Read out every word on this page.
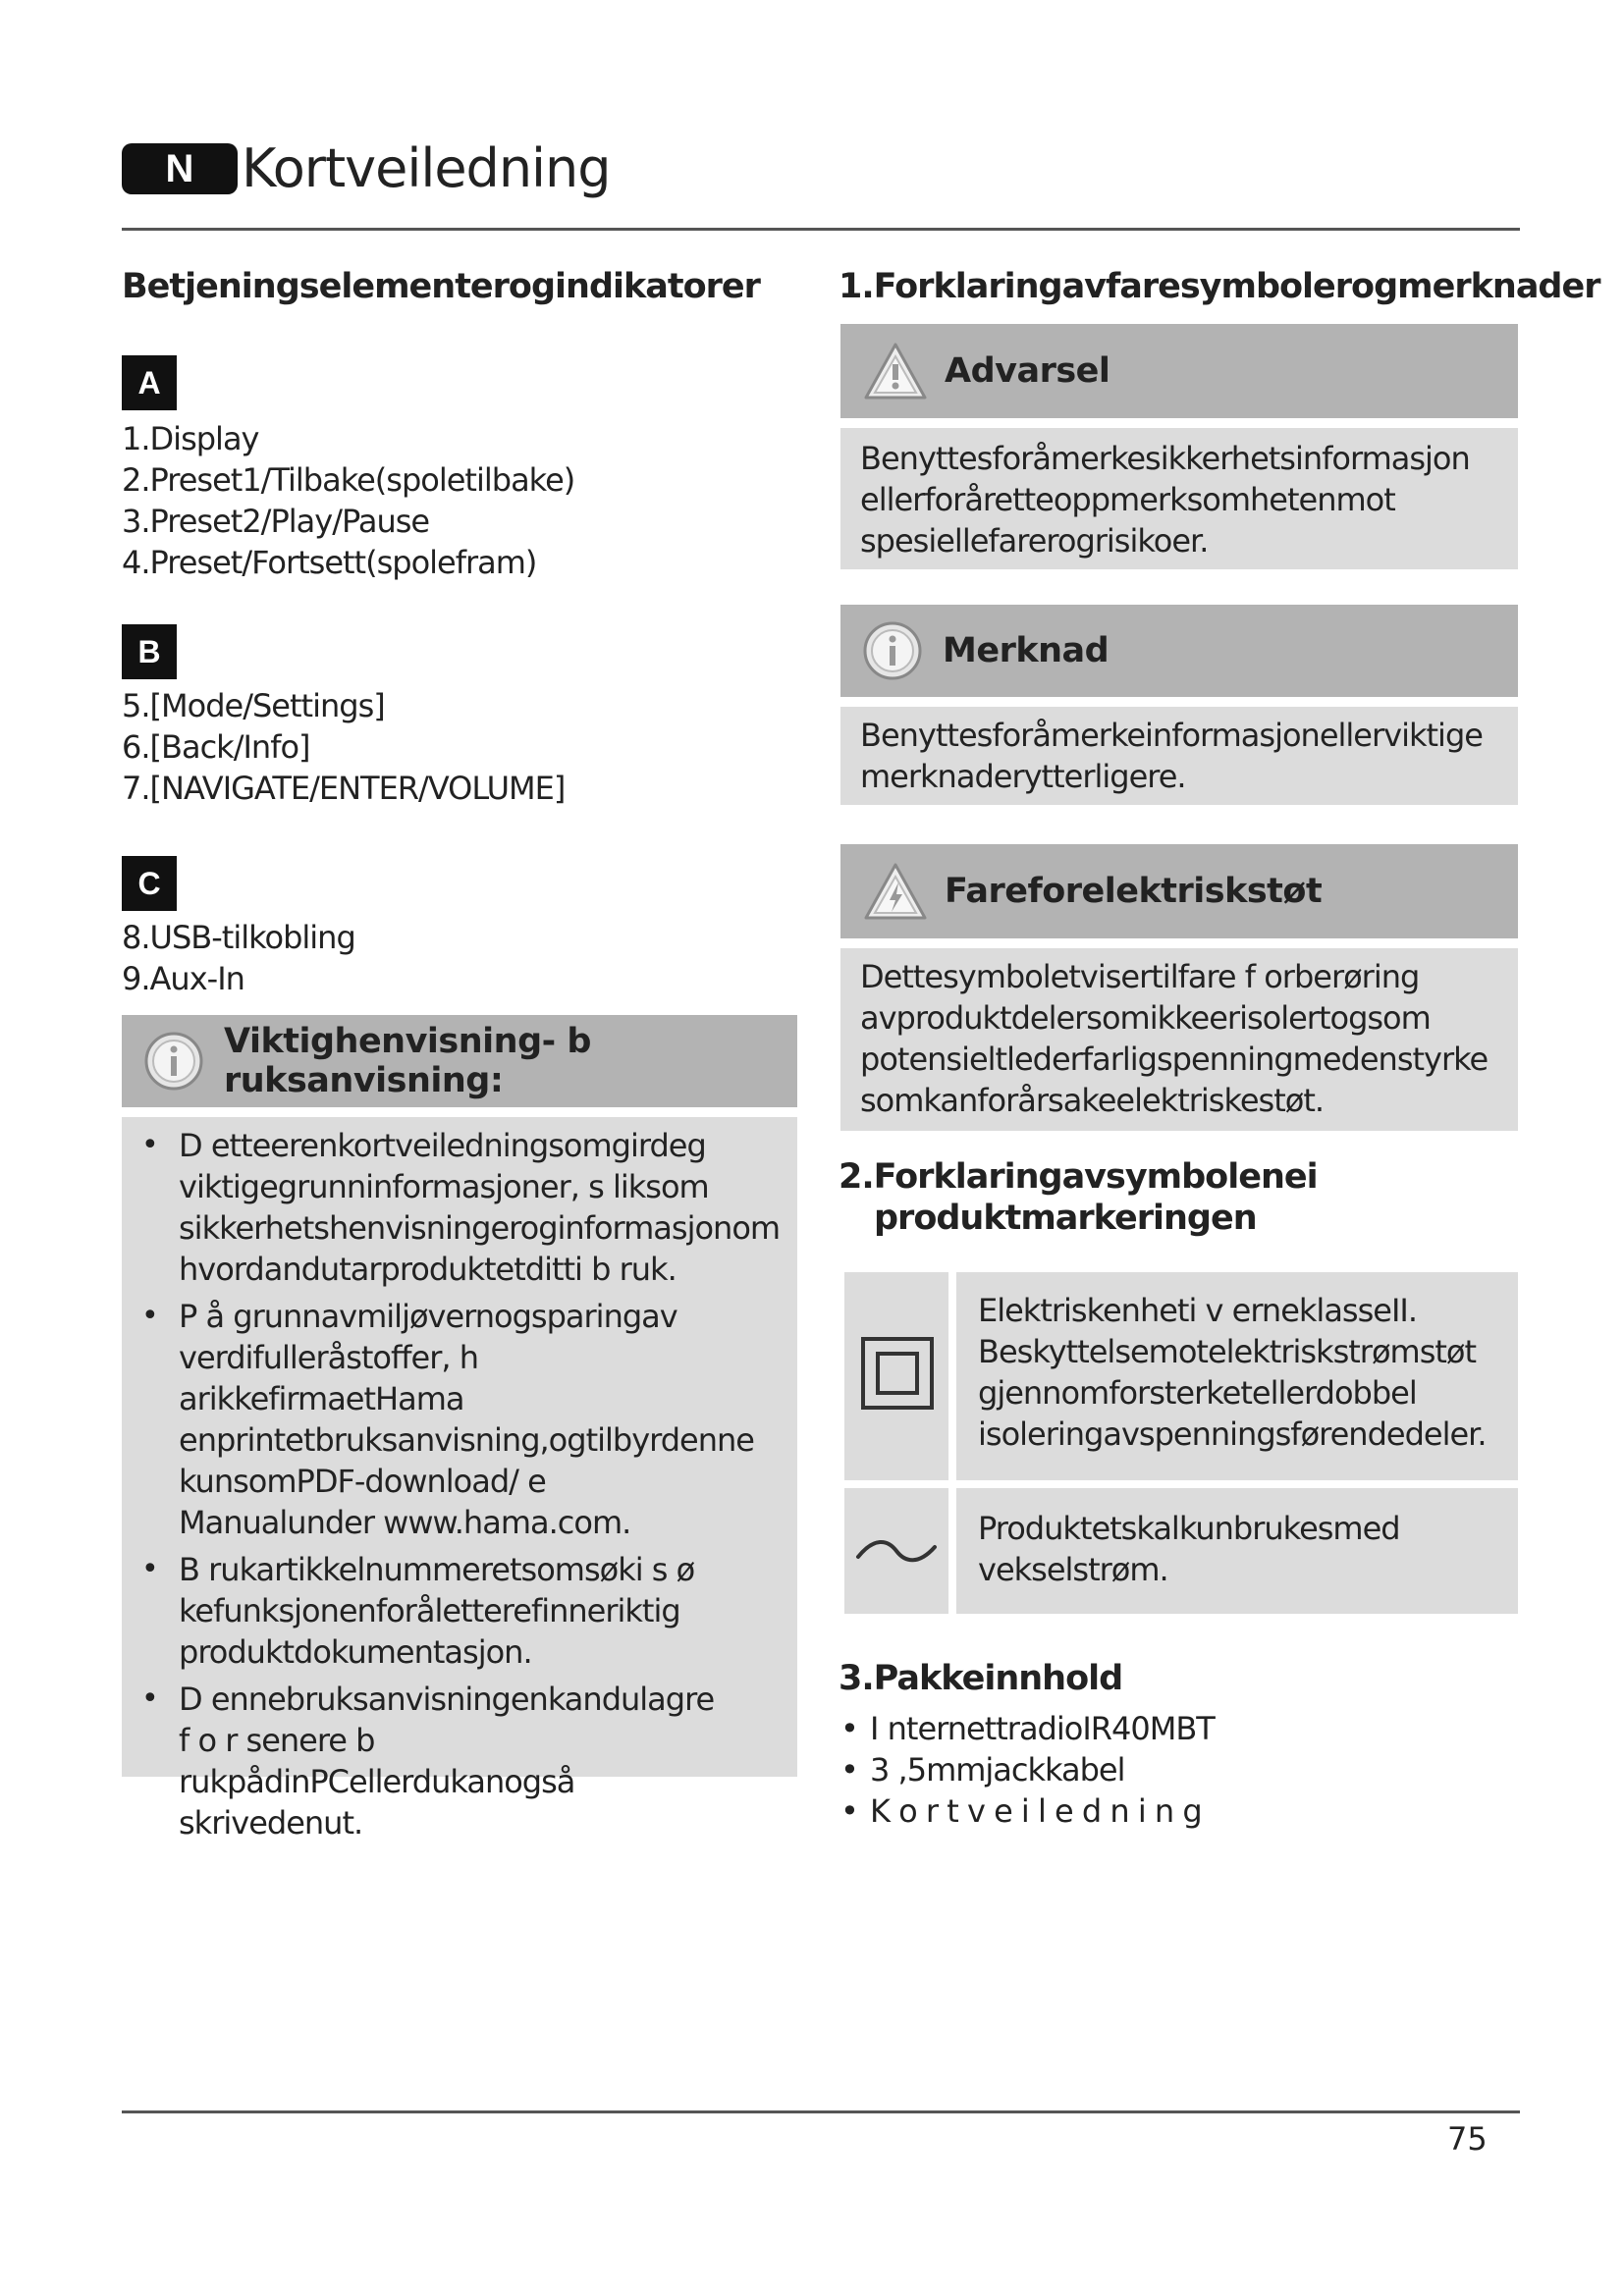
N Kortveiledning
Betjeningselementerogindikatorer
A
1.Display
2.Preset1/Tilbake(spoletilbake)
3.Preset2/Play/Pause
4.Preset/Fortsett(spolefram)
B
5.[Mode/Settings]
6.[Back/Info]
7.[NAVIGATE/ENTER/VOLUME]
C
8.USB-tilkobling
9.Aux-In
Viktighenvisning- b ruksanvisning:
• D etteerenkortveiledningsomgirdeg viktigegrunninformasjoner, s liksom sikkerhetshenvisningeroginformasjonom hvordandutarproduktetditti b ruk.
• P å grunnavmiljøvernogsparingav verdifulleråstoffer, h arikkefirmaetHama enprintetbruksanvisning,ogtilbyrdenne kunsomPDF-download/ e Manualunder www.hama.com.
• B rukartikkelnummeretsomsøki s ø kefunksjonenforåletterefinneriktig produktdokumentasjon.
• D ennebruksanvisningenkandulagre f o r senere b rukpådinPCellerdukanogså skrivedenut.
1.Forklaringavfaresymbolerogmerknader
Advarsel

Benyttesforåmerkesikkerhetsinformasjon

ellerforåretteoppmerksomhetenmot

spesiellefarerogrisikoer.

Merknad

Benyttesforåmerkeinformasjonellerviktige

merknaderytterligere.

Fareforelektriskstøt

Dettesymboletvisertilfare f orberøring

avproduktdelersomikkeerisolertogsom

potensieltlederfarligspenningmedenstyrke

somkanforårsakeelektriskestøt.

2.Forklaringavsymbolenei
produktmarkeringen

Elektriskenheti v erneklasseII.

Beskyttelsemotelektriskstrømstøt

gjennomforsterketellerdobbel

isoleringavspenningsførendedeler.

Produktetskalkunbrukesmed

vekselstrøm.

3.Pakkeinnhold
• I nternettradioIR40MBT
• 3 ,5mmjackkabel
• K o r t v e i l e d n i n g
75
